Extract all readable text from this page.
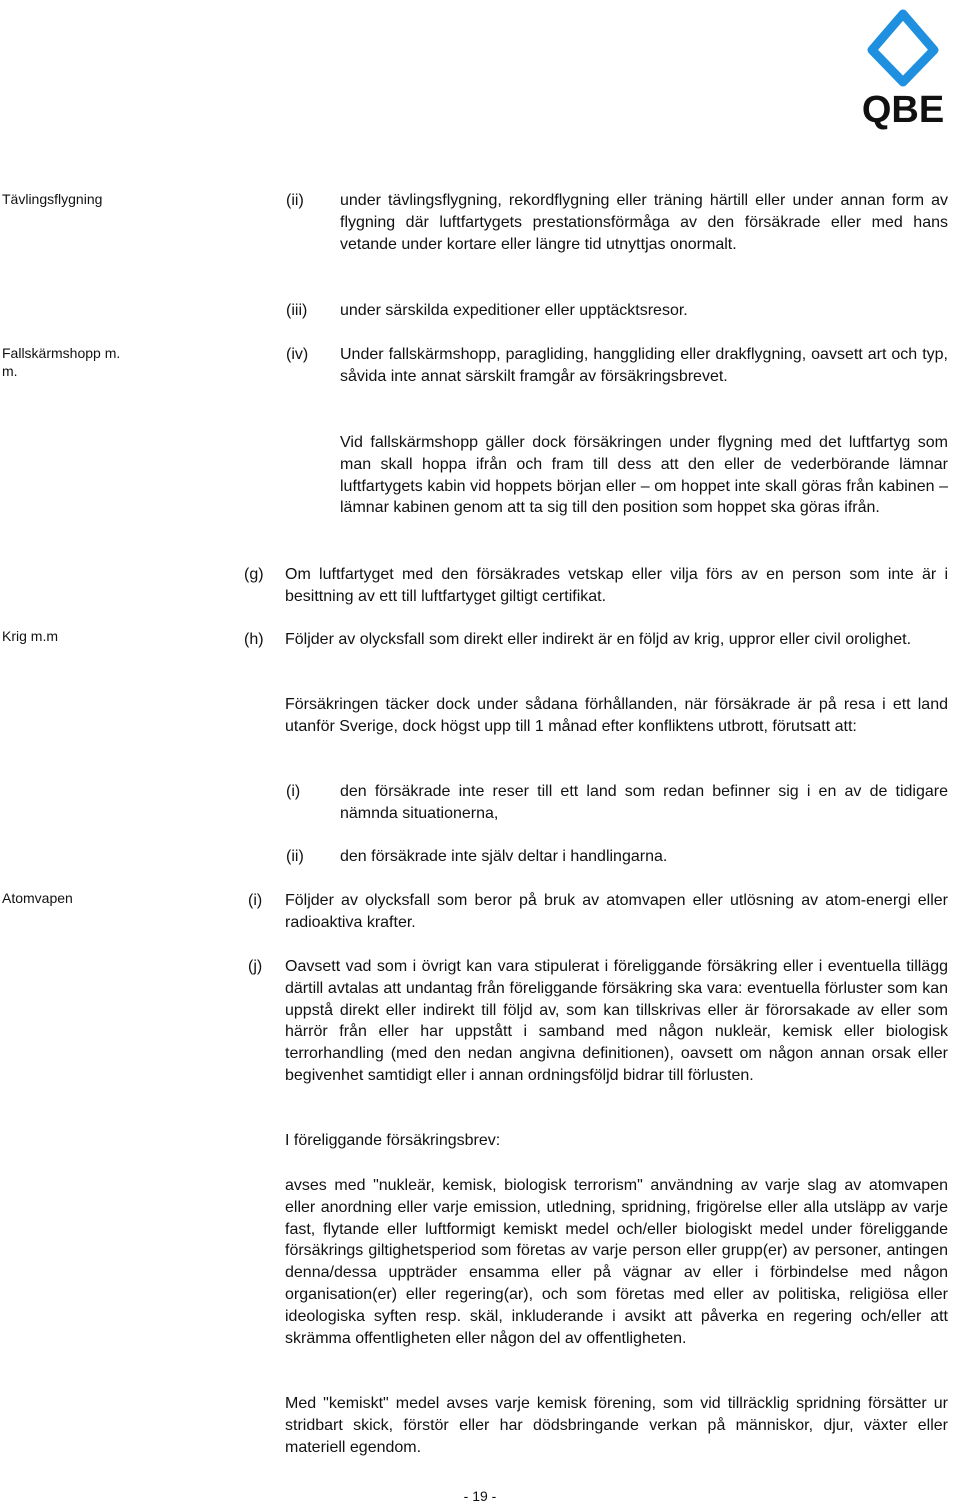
QBE
Tävlingsflygning
Fallskärmshopp m.
m.
Krig m.m
Atomvapen
(ii) under tävlingsflygning, rekordflygning eller träning härtill eller under annan form av flygning där luftfartygets prestationsförmåga av den försäkrade eller med hans vetande under kortare eller längre tid utnyttjas onormalt.
(iii) under särskilda expeditioner eller upptäcktsresor.
(iv) Under fallskärmshopp, paragliding, hanggliding eller drakflygning, oavsett art och typ, såvida inte annat särskilt framgår av försäkringsbrevet.
Vid fallskärmshopp gäller dock försäkringen under flygning med det luftfartyg som man skall hoppa ifrån och fram till dess att den eller de vederbörande lämnar luftfartygets kabin vid hoppets början eller – om hoppet inte skall göras från kabinen – lämnar kabinen genom att ta sig till den position som hoppet ska göras ifrån.
(g) Om luftfartyget med den försäkrades vetskap eller vilja förs av en person som inte är i besittning av ett till luftfartyget giltigt certifikat.
(h) Följder av olycksfall som direkt eller indirekt är en följd av krig, uppror eller civil orolighet.
Försäkringen täcker dock under sådana förhållanden, när försäkrade är på resa i ett land utanför Sverige, dock högst upp till 1 månad efter konfliktens utbrott, förutsatt att:
(i) den försäkrade inte reser till ett land som redan befinner sig i en av de tidigare nämnda situationerna,
(ii) den försäkrade inte själv deltar i handlingarna.
(i) Följder av olycksfall som beror på bruk av atomvapen eller utlösning av atom-energi eller radioaktiva krafter.
(j) Oavsett vad som i övrigt kan vara stipulerat i föreliggande försäkring eller i eventuella tillägg därtill avtalas att undantag från föreliggande försäkring ska vara: eventuella förluster som kan uppstå direkt eller indirekt till följd av, som kan tillskrivas eller är förorsakade av eller som härrör från eller har uppstått i samband med någon nukleär, kemisk eller biologisk terrorhandling (med den nedan angivna definitionen), oavsett om någon annan orsak eller begivenhet samtidigt eller i annan ordningsföljd bidrar till förlusten.
I föreliggande försäkringsbrev:
avses med "nukleär, kemisk, biologisk terrorism" användning av varje slag av atomvapen eller anordning eller varje emission, utledning, spridning, frigörelse eller alla utsläpp av varje fast, flytande eller luftformigt kemiskt medel och/eller biologiskt medel under föreliggande försäkrings giltighetsperiod som företas av varje person eller grupp(er) av personer, antingen denna/dessa uppträder ensamma eller på vägnar av eller i förbindelse med någon organisation(er) eller regering(ar), och som företas med eller av politiska, religiösa eller ideologiska syften resp. skäl, inkluderande i avsikt att påverka en regering och/eller att skrämma offentligheten eller någon del av offentligheten.
Med "kemiskt" medel avses varje kemisk förening, som vid tillräcklig spridning försätter ur stridbart skick, förstör eller har dödsbringande verkan på människor, djur, växter eller materiell egendom.
- 19 -
